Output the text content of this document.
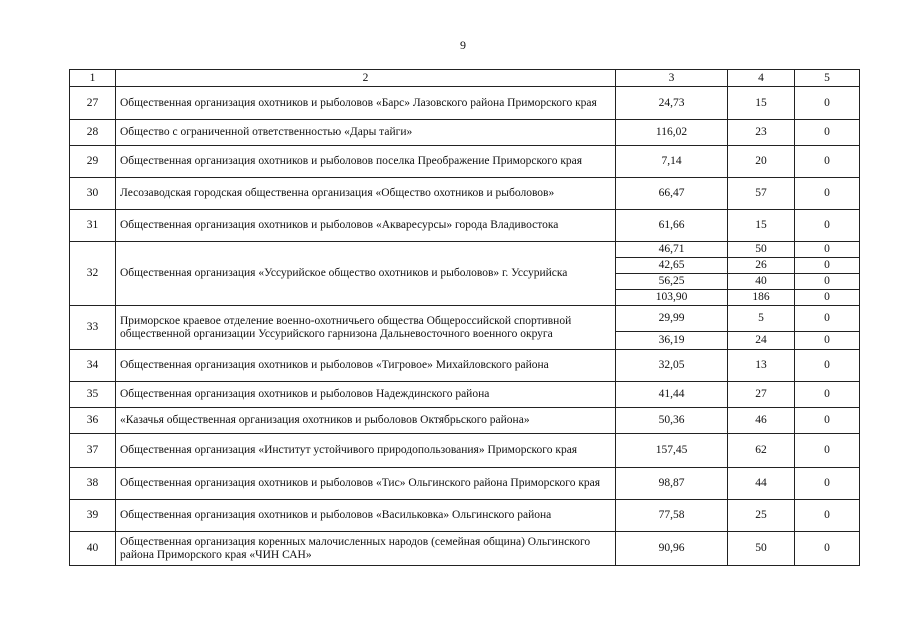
9
1	2	3	4	5
27	Общественная организация охотников и рыболовов «Барс» Лазовского района Приморского края	24,73	15	0
28	Общество с ограниченной ответственностью «Дары тайги»	116,02	23	0
29	Общественная организация охотников и рыболовов поселка Преображение Приморского края	7,14	20	0
30	Лесозаводская городская общественна организация «Общество охотников и рыболовов»	66,47	57	0
31	Общественная организация охотников и рыболовов «Акваресурсы» города Владивостока	61,66	15	0
32	Общественная организация «Уссурийское общество охотников и рыболовов» г. Уссурийска	46,71	50	0
		42,65	26	0
		56,25	40	0
		103,90	186	0
33	Приморское краевое отделение военно-охотничьего общества Общероссийской спортивной общественной организации Уссурийского гарнизона Дальневосточного военного округа	29,99	5	0
		36,19	24	0
34	Общественная организация охотников и рыболовов «Тигровое» Михайловского района	32,05	13	0
35	Общественная организация охотников и рыболовов Надеждинского района	41,44	27	0
36	«Казачья общественная организация охотников и рыболовов Октябрьского района»	50,36	46	0
37	Общественная организация «Институт устойчивого природопользования» Приморского края	157,45	62	0
38	Общественная организация охотников и рыболовов «Тис» Ольгинского района Приморского края	98,87	44	0
39	Общественная организация охотников и рыболовов «Васильковка» Ольгинского района	77,58	25	0
40	Общественная организация коренных малочисленных народов (семейная община) Ольгинского района Приморского края «ЧИН САН»	90,96	50	0
